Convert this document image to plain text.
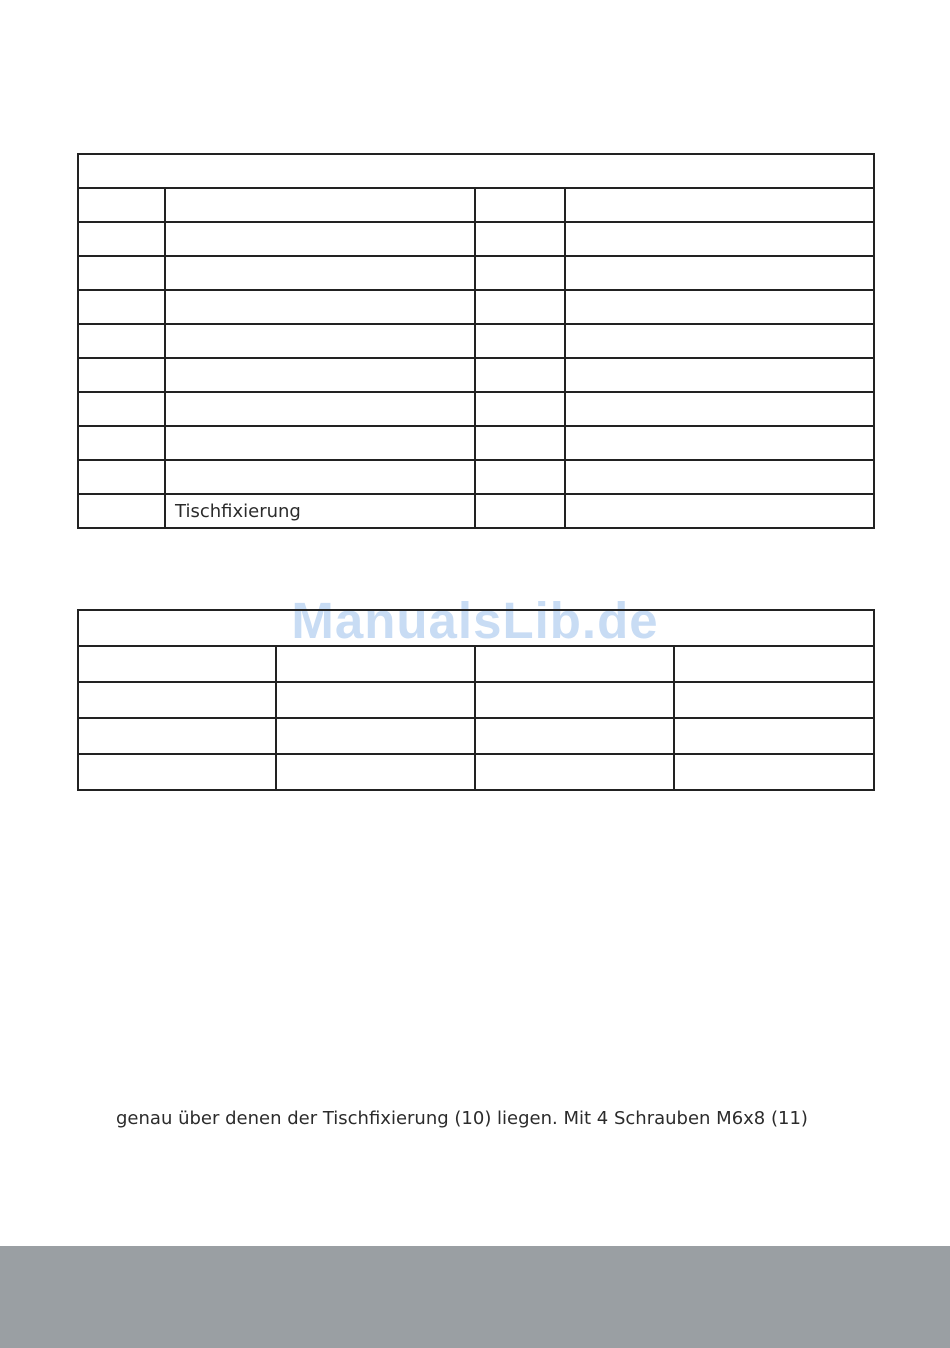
	Tischfixierung		
ManualsLib.de

genau über denen der Tischfixierung (10) liegen. Mit 4 Schrauben M6x8 (11)
